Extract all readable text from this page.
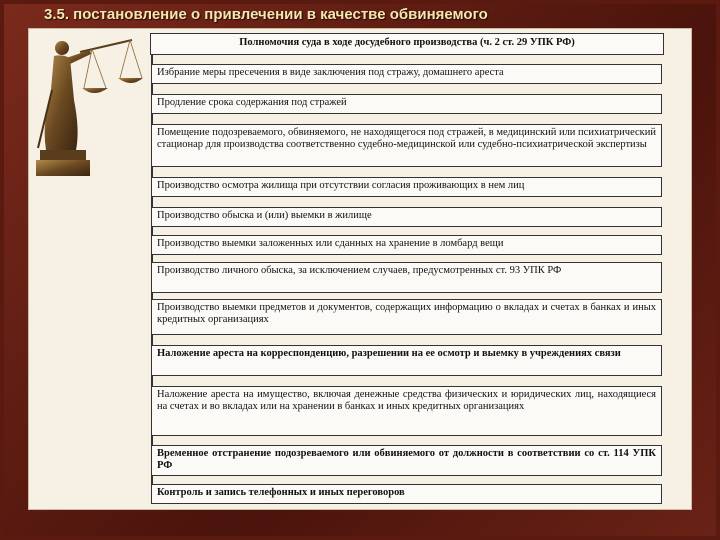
3.5. постановление о привлечении в качестве обвиняемого
Полномочия суда в ходе досудебного производства (ч. 2 ст. 29 УПК РФ)
Избрание меры пресечения в виде заключения под стражу, домашнего ареста
Продление срока содержания под стражей
Помещение подозреваемого, обвиняемого, не находящегося под стражей, в медицинский или психиатрический стационар для производства соответственно судебно-медицинской или судебно-психиатрической экспертизы
Производство осмотра жилища при отсутствии согласия проживающих в нем лиц
Производство обыска и (или) выемки в жилище
Производство выемки заложенных или сданных на хранение в ломбард вещи
Производство личного обыска, за исключением случаев, предусмотренных ст. 93 УПК РФ
Производство выемки предметов и документов, содержащих информацию о вкладах и счетах в банках и иных кредитных организациях
Наложение ареста на корреспонденцию, разрешении на ее осмотр и выемку в учреждениях связи
Наложение ареста на имущество, включая денежные средства физических и юридических лиц, находящиеся на счетах и во вкладах или на хранении в банках и иных кредитных организациях
Временное отстранение подозреваемого или обвиняемого от должности в соответствии со ст. 114 УПК РФ
Контроль и запись телефонных и иных переговоров
